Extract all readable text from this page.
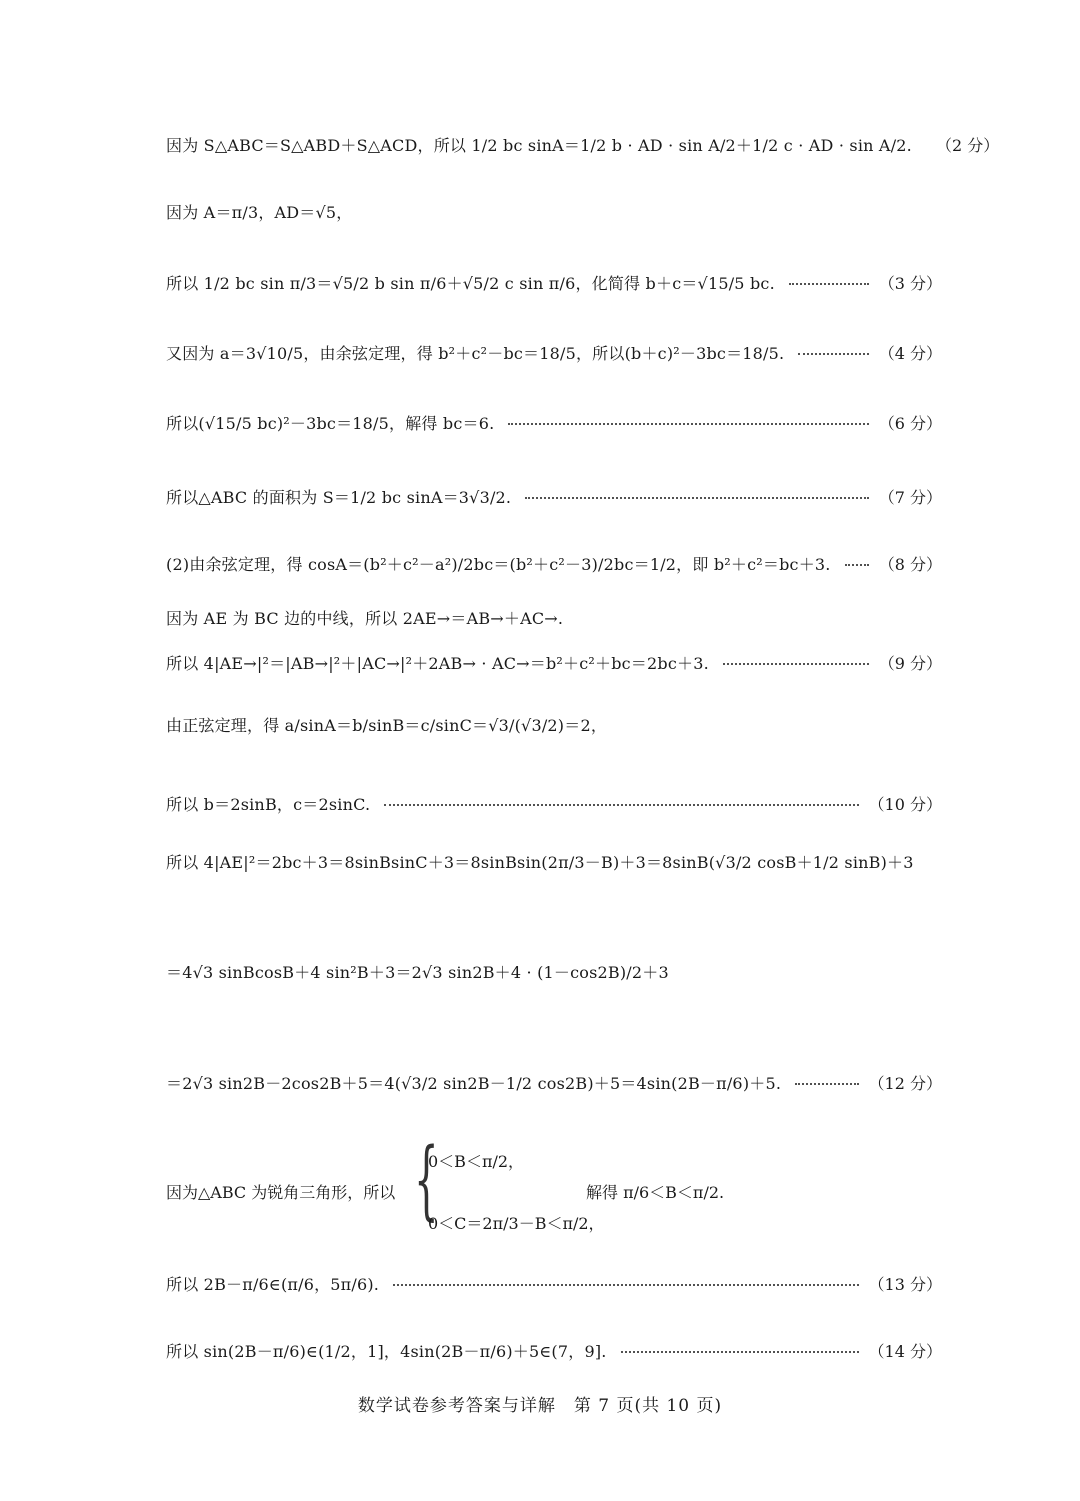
因为 S△ABC＝S△ABD＋S△ACD，所以 1/2 bc sinA＝1/2 b · AD · sin A/2＋1/2 c · AD · sin A/2. （2 分）
因为 A＝π/3，AD＝√5，
所以 1/2 bc sin π/3＝√5/2 b sin π/6＋√5/2 c sin π/6，化简得 b＋c＝√15/5 bc.	（3 分）
又因为 a＝3√10/5，由余弦定理，得 b²＋c²－bc＝18/5，所以(b＋c)²－3bc＝18/5.	（4 分）
所以(√15/5 bc)²－3bc＝18/5，解得 bc＝6.	（6 分）
所以△ABC 的面积为 S＝1/2 bc sinA＝3√3/2.	（7 分）
(2)由余弦定理，得 cosA＝(b²＋c²－a²)/2bc＝(b²＋c²－3)/2bc＝1/2，即 b²＋c²＝bc＋3.	（8 分）
因为 AE 为 BC 边的中线，所以 2AE→＝AB→＋AC→.
所以 4|AE→|²＝|AB→|²＋|AC→|²＋2AB→ · AC→＝b²＋c²＋bc＝2bc＋3.	（9 分）
由正弦定理，得 a/sinA＝b/sinB＝c/sinC＝√3/(√3/2)＝2，
所以 b＝2sinB，c＝2sinC.	（10 分）
所以 4|AE|²＝2bc＋3＝8sinBsinC＋3＝8sinBsin(2π/3－B)＋3＝8sinB(√3/2 cosB＋1/2 sinB)＋3
＝4√3 sinBcosB＋4 sin²B＋3＝2√3 sin2B＋4 · (1－cos2B)/2＋3
＝2√3 sin2B－2cos2B＋5＝4(√3/2 sin2B－1/2 cos2B)＋5＝4sin(2B－π/6)＋5.	（12 分）
因为△ABC 为锐角三角形，所以 {
0＜B＜π/2，
0＜C＝2π/3－B＜π/2，
解得 π/6＜B＜π/2.
所以 2B－π/6∈(π/6，5π/6).	（13 分）
所以 sin(2B－π/6)∈(1/2，1]，4sin(2B－π/6)＋5∈(7，9].	（14 分）
数学试卷参考答案与详解　第 7 页(共 10 页)
